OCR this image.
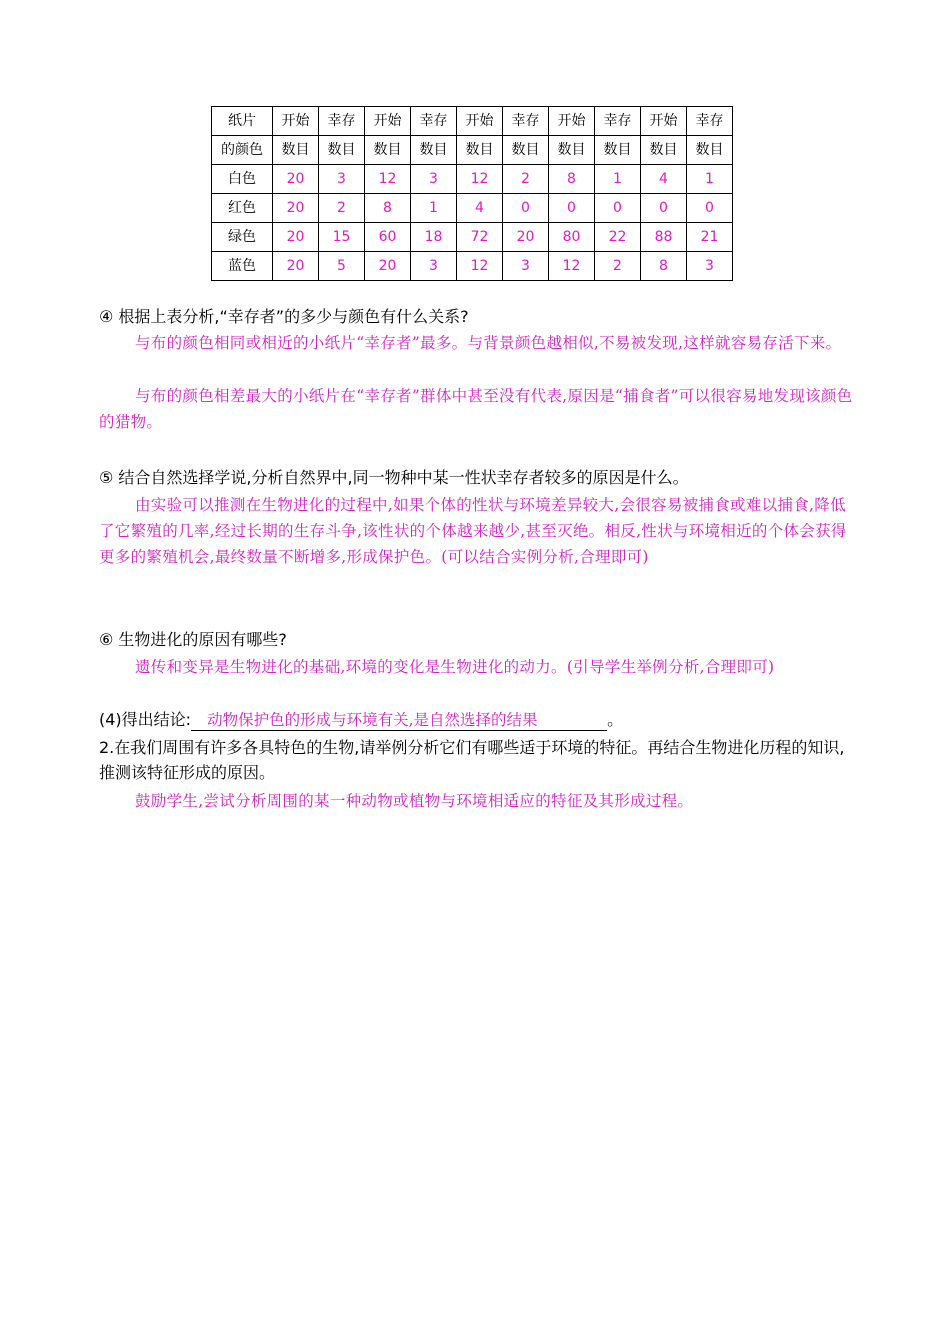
纸片	开始	幸存	开始	幸存	开始	幸存	开始	幸存	开始	幸存
的颜色	数目	数目	数目	数目	数目	数目	数目	数目	数目	数目
白色	20	3	12	3	12	2	8	1	4	1
红色	20	2	8	1	4	0	0	0	0	0
绿色	20	15	60	18	72	20	80	22	88	21
蓝色	20	5	20	3	12	3	12	2	8	3
④ 根据上表分析,“幸存者”的多少与颜色有什么关系?
与布的颜色相同或相近的小纸片“幸存者”最多。与背景颜色越相似,不易被发现,这样就容易存活下来。
与布的颜色相差最大的小纸片在“幸存者”群体中甚至没有代表,原因是“捕食者”可以很容易地发现该颜色的猎物。
⑤ 结合自然选择学说,分析自然界中,同一物种中某一性状幸存者较多的原因是什么。
由实验可以推测在生物进化的过程中,如果个体的性状与环境差异较大,会很容易被捕食或难以捕食,降低了它繁殖的几率,经过长期的生存斗争,该性状的个体越来越少,甚至灭绝。相反,性状与环境相近的个体会获得更多的繁殖机会,最终数量不断增多,形成保护色。(可以结合实例分析,合理即可)
⑥ 生物进化的原因有哪些?
遗传和变异是生物进化的基础,环境的变化是生物进化的动力。(引导学生举例分析,合理即可)
(4)得出结论: 动物保护色的形成与环境有关,是自然选择的结果	。
2.在我们周围有许多各具特色的生物,请举例分析它们有哪些适于环境的特征。再结合生物进化历程的知识,推测该特征形成的原因。
鼓励学生,尝试分析周围的某一种动物或植物与环境相适应的特征及其形成过程。
